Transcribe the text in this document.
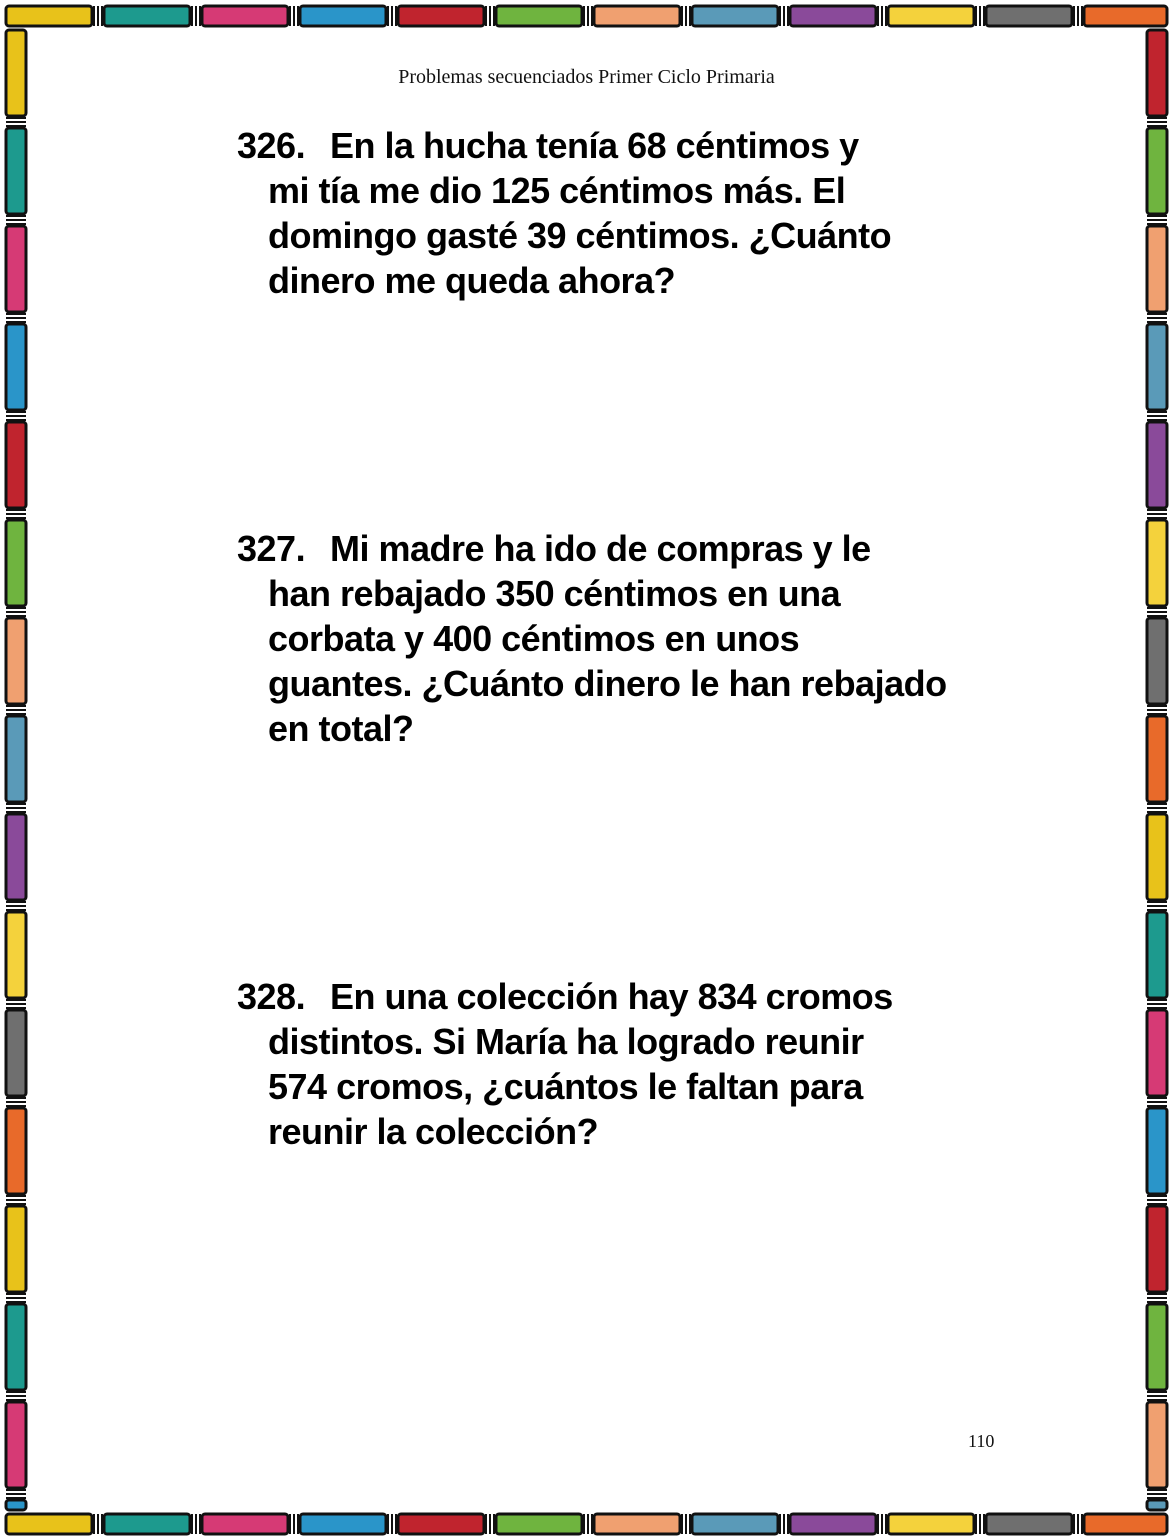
Problemas secuenciados Primer Ciclo Primaria
326. En la hucha tenía 68 céntimos y
mi tía me dio 125 céntimos más. El
domingo gasté 39 céntimos. ¿Cuánto
dinero me queda ahora?
327. Mi madre ha ido de compras y le
han rebajado 350 céntimos en una
corbata y 400 céntimos en unos
guantes. ¿Cuánto dinero le han rebajado
en total?
328. En una colección hay 834 cromos
distintos. Si María ha logrado reunir
574 cromos, ¿cuántos le faltan para
reunir la colección?
110
